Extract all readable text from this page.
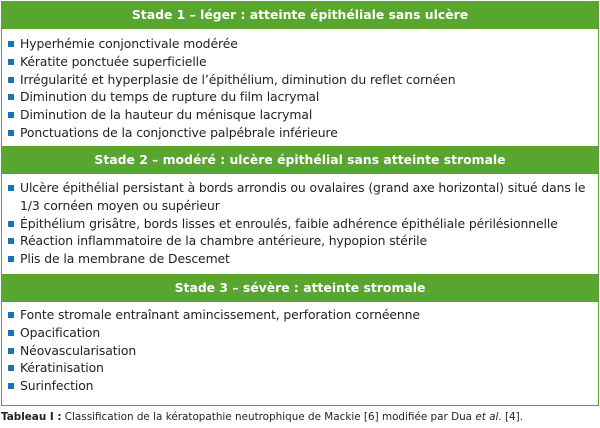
Stade 1 – léger : atteinte épithéliale sans ulcère
Hyperhémie conjonctivale modérée
Kératite ponctuée superficielle
Irrégularité et hyperplasie de l’épithélium, diminution du reflet cornéen
Diminution du temps de rupture du film lacrymal
Diminution de la hauteur du ménisque lacrymal
Ponctuations de la conjonctive palpébrale inférieure
Stade 2 – modéré : ulcère épithélial sans atteinte stromale
Ulcère épithélial persistant à bords arrondis ou ovalaires (grand axe horizontal) situé dans le 1/3 cornéen moyen ou supérieur
Épithélium grisâtre, bords lisses et enroulés, faible adhérence épithéliale périlésionnelle
Réaction inflammatoire de la chambre antérieure, hypopion stérile
Plis de la membrane de Descemet
Stade 3 – sévère : atteinte stromale
Fonte stromale entraînant amincissement, perforation cornéenne
Opacification
Néovascularisation
Kératinisation
Surinfection
Tableau I : Classification de la kératopathie neutrophique de Mackie [6] modifiée par Dua et al. [4].
